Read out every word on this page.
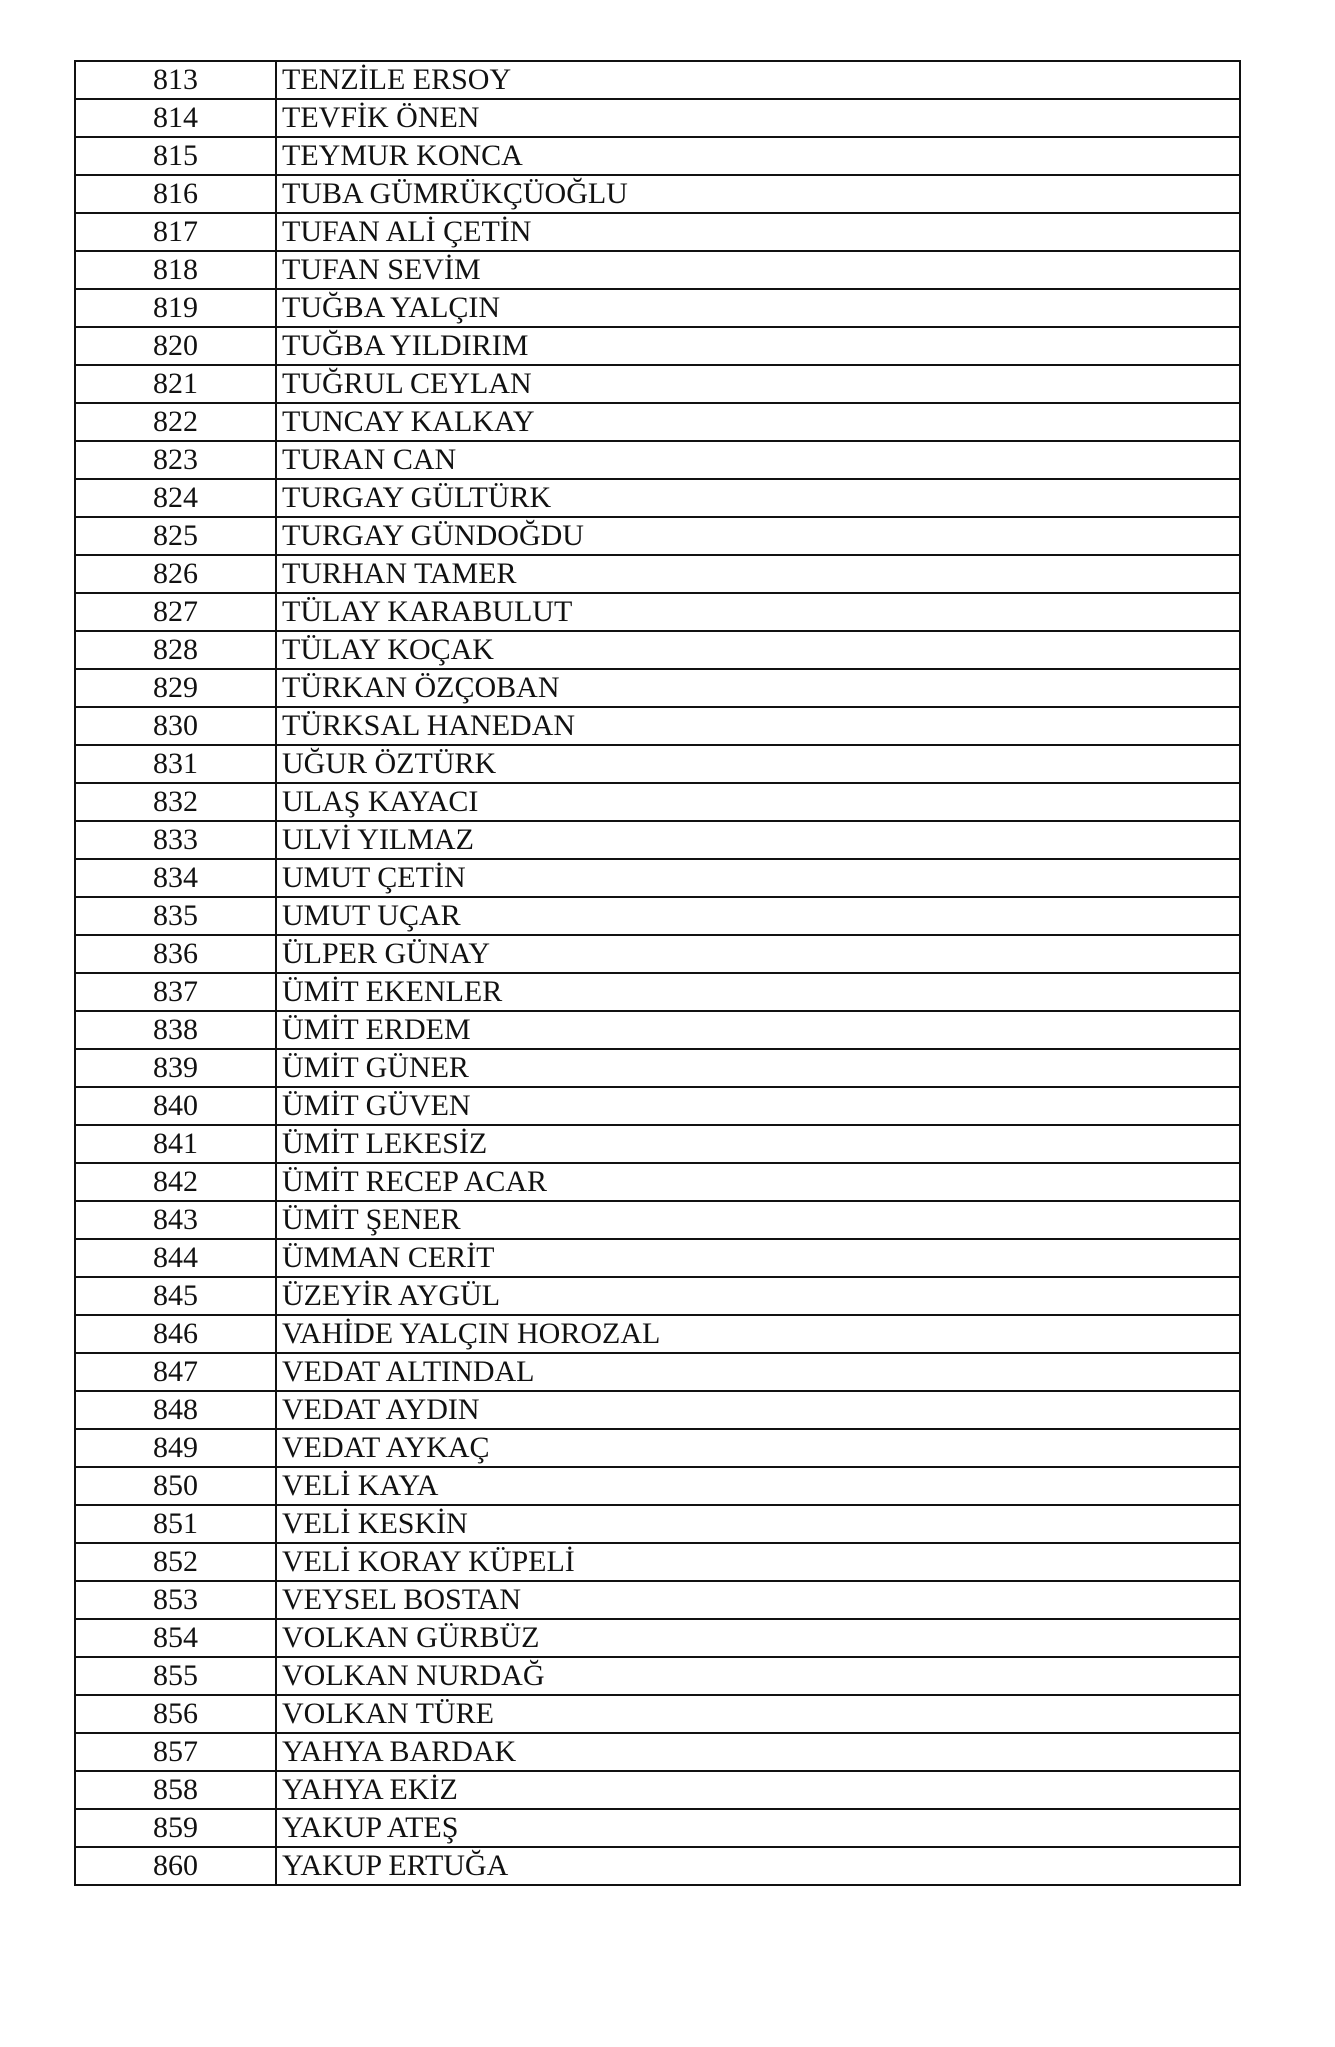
813	TENZİLE ERSOY
814	TEVFİK ÖNEN
815	TEYMUR KONCA
816	TUBA GÜMRÜKÇÜOĞLU
817	TUFAN ALİ ÇETİN
818	TUFAN SEVİM
819	TUĞBA YALÇIN
820	TUĞBA YILDIRIM
821	TUĞRUL CEYLAN
822	TUNCAY KALKAY
823	TURAN CAN
824	TURGAY GÜLTÜRK
825	TURGAY GÜNDOĞDU
826	TURHAN TAMER
827	TÜLAY KARABULUT
828	TÜLAY KOÇAK
829	TÜRKAN ÖZÇOBAN
830	TÜRKSAL HANEDAN
831	UĞUR ÖZTÜRK
832	ULAŞ KAYACI
833	ULVİ YILMAZ
834	UMUT ÇETİN
835	UMUT UÇAR
836	ÜLPER GÜNAY
837	ÜMİT EKENLER
838	ÜMİT ERDEM
839	ÜMİT GÜNER
840	ÜMİT GÜVEN
841	ÜMİT LEKESİZ
842	ÜMİT RECEP ACAR
843	ÜMİT ŞENER
844	ÜMMAN CERİT
845	ÜZEYİR AYGÜL
846	VAHİDE YALÇIN HOROZAL
847	VEDAT ALTINDAL
848	VEDAT AYDIN
849	VEDAT AYKAÇ
850	VELİ KAYA
851	VELİ KESKİN
852	VELİ KORAY KÜPELİ
853	VEYSEL BOSTAN
854	VOLKAN GÜRBÜZ
855	VOLKAN NURDAĞ
856	VOLKAN TÜRE
857	YAHYA BARDAK
858	YAHYA EKİZ
859	YAKUP ATEŞ
860	YAKUP ERTUĞA
